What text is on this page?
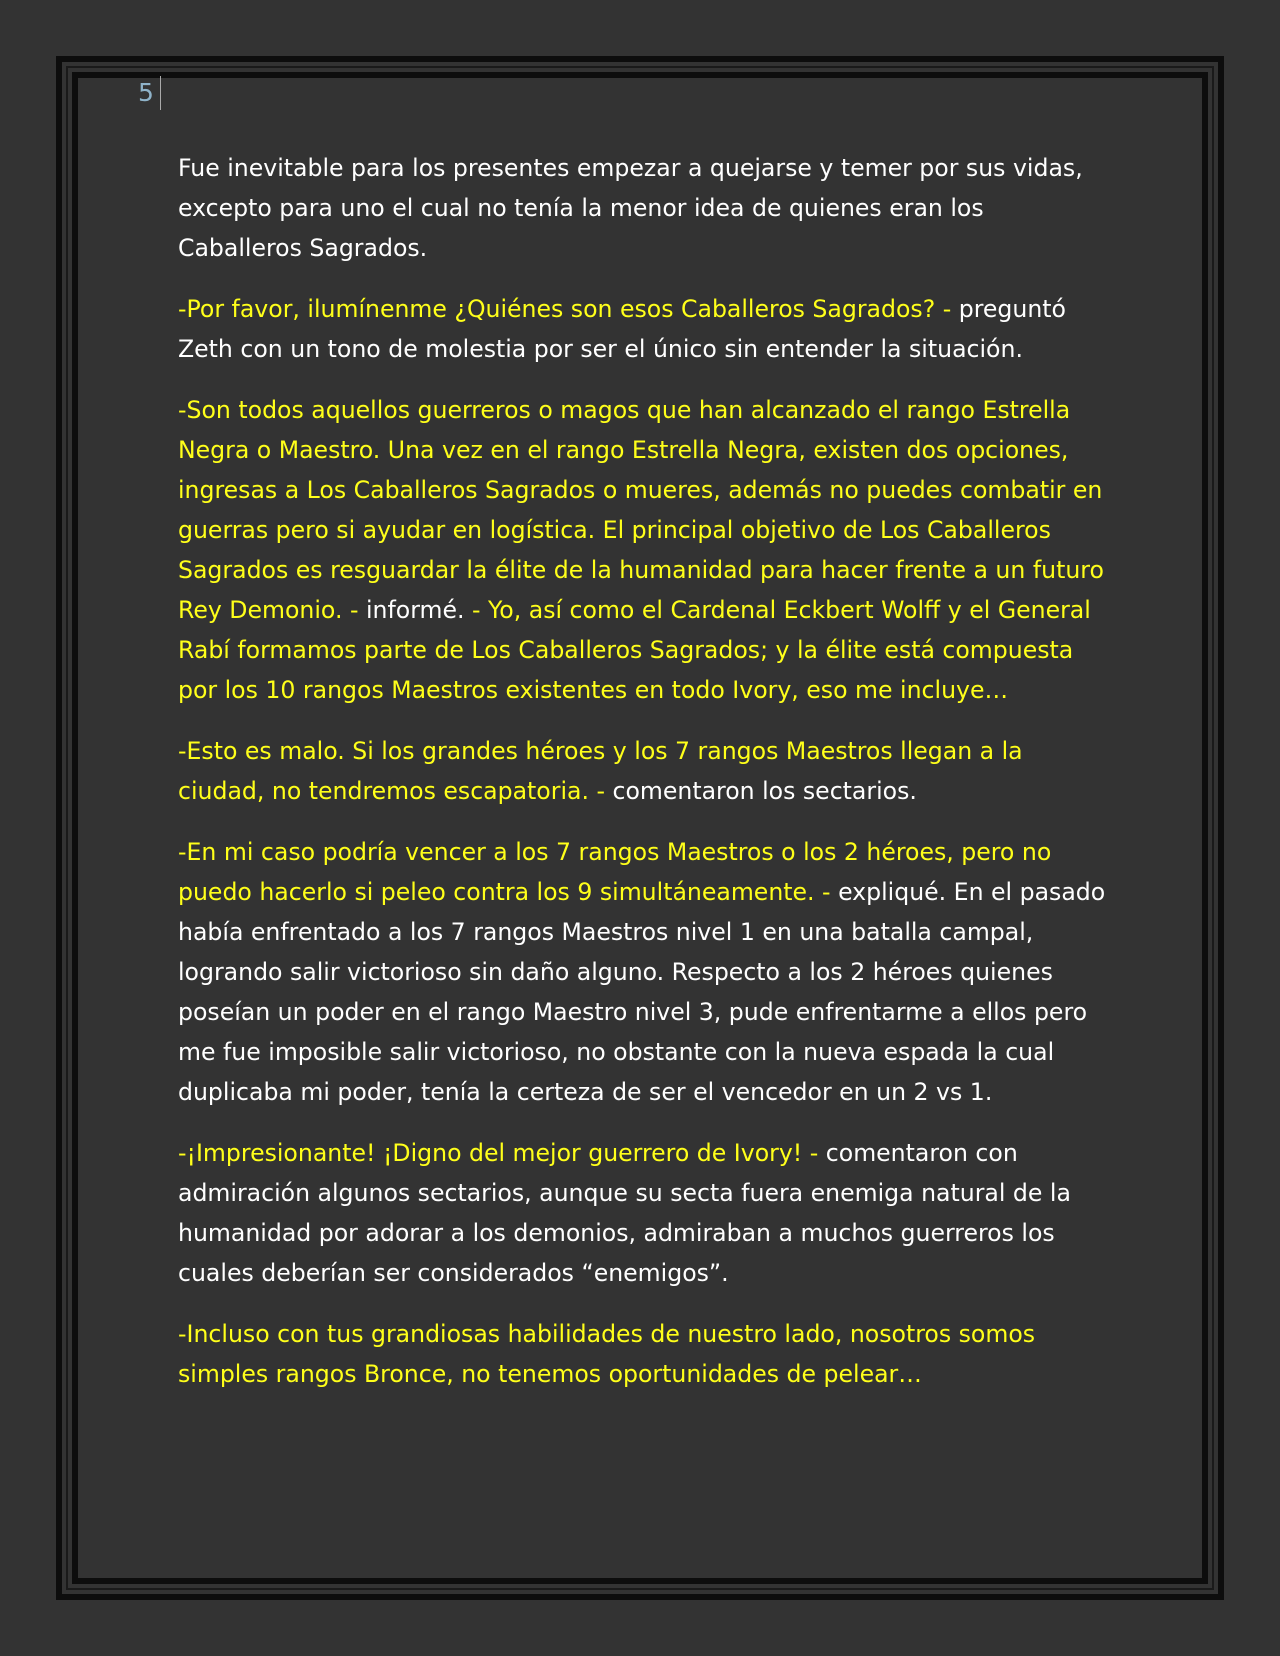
5

Fue inevitable para los presentes empezar a quejarse y temer por sus vidas, excepto para uno el cual no tenía la menor idea de quienes eran los Caballeros Sagrados.

-Por favor, ilumínenme ¿Quiénes son esos Caballeros Sagrados? - preguntó Zeth con un tono de molestia por ser el único sin entender la situación.

-Son todos aquellos guerreros o magos que han alcanzado el rango Estrella Negra o Maestro. Una vez en el rango Estrella Negra, existen dos opciones, ingresas a Los Caballeros Sagrados o mueres, además no puedes combatir en guerras pero si ayudar en logística. El principal objetivo de Los Caballeros Sagrados es resguardar la élite de la humanidad para hacer frente a un futuro Rey Demonio. - informé. - Yo, así como el Cardenal Eckbert Wolff y el General Rabí formamos parte de Los Caballeros Sagrados; y la élite está compuesta por los 10 rangos Maestros existentes en todo Ivory, eso me incluye…

-Esto es malo. Si los grandes héroes y los 7 rangos Maestros llegan a la ciudad, no tendremos escapatoria. - comentaron los sectarios.

-En mi caso podría vencer a los 7 rangos Maestros o los 2 héroes, pero no puedo hacerlo si peleo contra los 9 simultáneamente. - expliqué. En el pasado había enfrentado a los 7 rangos Maestros nivel 1 en una batalla campal, logrando salir victorioso sin daño alguno. Respecto a los 2 héroes quienes poseían un poder en el rango Maestro nivel 3, pude enfrentarme a ellos pero me fue imposible salir victorioso, no obstante con la nueva espada la cual duplicaba mi poder, tenía la certeza de ser el vencedor en un 2 vs 1.

-¡Impresionante! ¡Digno del mejor guerrero de Ivory! - comentaron con admiración algunos sectarios, aunque su secta fuera enemiga natural de la humanidad por adorar a los demonios, admiraban a muchos guerreros los cuales deberían ser considerados “enemigos”.

-Incluso con tus grandiosas habilidades de nuestro lado, nosotros somos simples rangos Bronce, no tenemos oportunidades de pelear…
